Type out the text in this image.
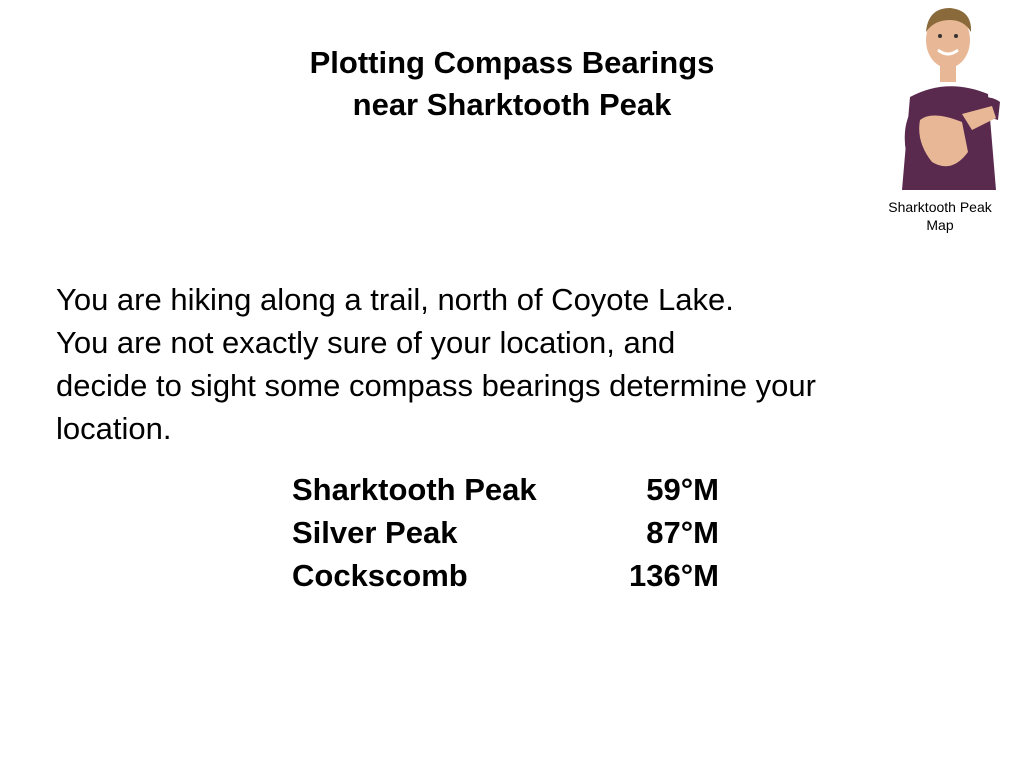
Plotting Compass Bearings
near Sharktooth Peak
Sharktooth Peak
Map
You are hiking along a trail, north of Coyote Lake.
You are not exactly sure of your location, and
decide to sight some compass bearings determine your
location.
Sharktooth Peak	59°M
Silver Peak	87°M
Cockscomb	136°M
